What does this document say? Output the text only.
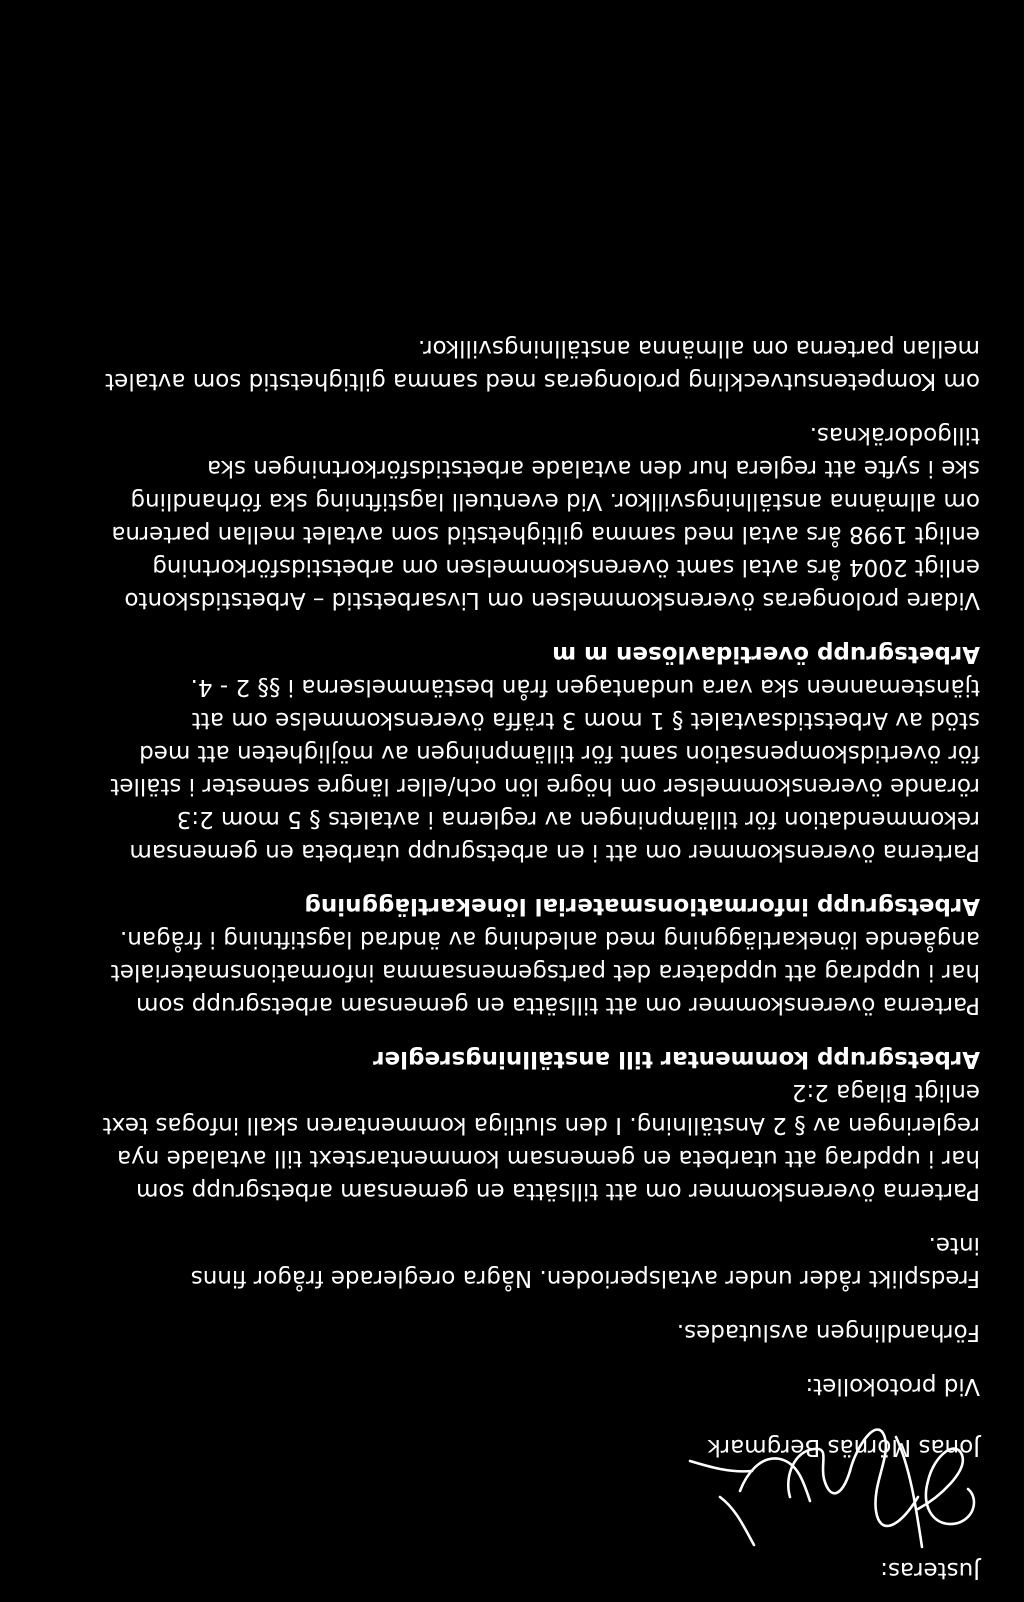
Justeras:

Jonas Mörnäs Bergmark

Vid protokollet:

Förhandlingen avslutades.

Fredsplikt råder under avtalsperioden. Några oreglerade frågor finns
inte.

Parterna överenskommer om att tillsätta en gemensam arbetsgrupp som
har i uppdrag att utarbeta en gemensam kommentarstext till avtalade nya
regleringen av § 2 Anställning. I den slutliga kommentaren skall infogas text
enligt Bilaga 2:2

Arbetsgrupp kommentar till anställningsregler

Parterna överenskommer om att tillsätta en gemensam arbetsgrupp som
har i uppdrag att uppdatera det partsgemensamma informationsmaterialet
angående lönekartläggning med anledning av ändrad lagstiftning i frågan.

Arbetsgrupp informationsmaterial lönekartläggning

Parterna överenskommer om att i en arbetsgrupp utarbeta en gemensam
rekommendation för tillämpningen av reglerna i avtalets § 5 mom 2:3
rörande överenskommelser om högre lön och/eller längre semester i stället
för övertidskompensation samt för tillämpningen av möjligheten att med
stöd av Arbetstidsavtalet § 1 mom 3 träffa överenskommelse om att
tjänstemannen ska vara undantagen från bestämmelserna i §§ 2 - 4.

Arbetsgrupp övertidavlösen m m

Vidare prolongeras överenskommelsen om Livsarbetstid – Arbetstidskonto
enligt 2004 års avtal samt överenskommelsen om arbetstidsförkortning
enligt 1998 års avtal med samma giltighetstid som avtalet mellan parterna
om allmänna anställningsvillkor. Vid eventuell lagstiftning ska förhandling
ske i syfte att reglera hur den avtalade arbetstidsförkortningen ska
tillgodoräknas.

om Kompetensutveckling prolongeras med samma giltighetstid som avtalet
mellan parterna om allmänna anställningsvillkor.
